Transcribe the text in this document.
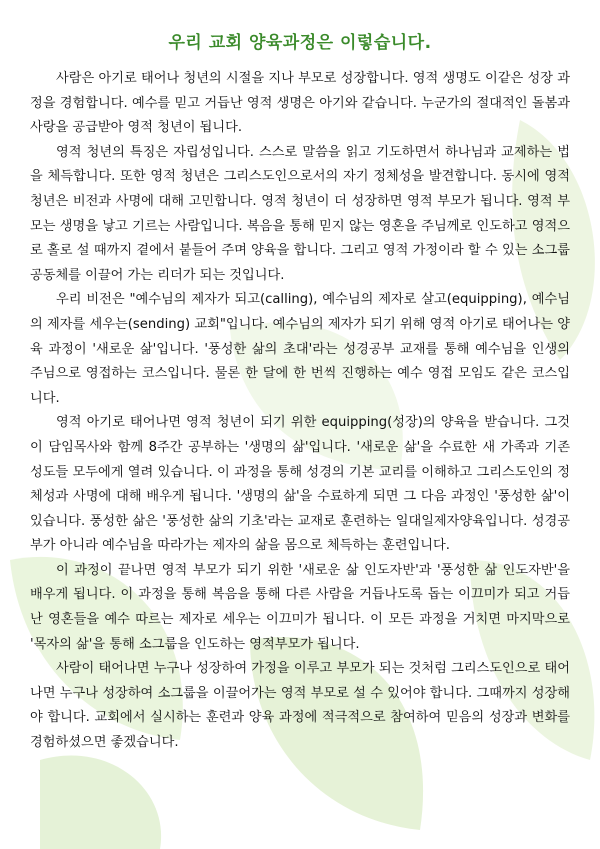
우리 교회 양육과정은 이렇습니다.

사람은 아기로 태어나 청년의 시절을 지나 부모로 성장합니다. 영적 생명도 이같은 성장 과정을 경험합니다. 예수를 믿고 거듭난 영적 생명은 아기와 같습니다. 누군가의 절대적인 돌봄과 사랑을 공급받아 영적 청년이 됩니다.

영적 청년의 특징은 자립성입니다. 스스로 말씀을 읽고 기도하면서 하나님과 교제하는 법을 체득합니다. 또한 영적 청년은 그리스도인으로서의 자기 정체성을 발견합니다. 동시에 영적 청년은 비전과 사명에 대해 고민합니다. 영적 청년이 더 성장하면 영적 부모가 됩니다. 영적 부모는 생명을 낳고 기르는 사람입니다. 복음을 통해 믿지 않는 영혼을 주님께로 인도하고 영적으로 홀로 설 때까지 곁에서 붙들어 주며 양육을 합니다. 그리고 영적 가정이라 할 수 있는 소그룹 공동체를 이끌어 가는 리더가 되는 것입니다.

우리 비전은 "예수님의 제자가 되고(calling), 예수님의 제자로 살고(equipping), 예수님의 제자를 세우는(sending) 교회"입니다. 예수님의 제자가 되기 위해 영적 아기로 태어나는 양육 과정이 '새로운 삶'입니다. '풍성한 삶의 초대'라는 성경공부 교재를 통해 예수님을 인생의 주님으로 영접하는 코스입니다. 물론 한 달에 한 번씩 진행하는 예수 영접 모임도 같은 코스입니다.

영적 아기로 태어나면 영적 청년이 되기 위한 equipping(성장)의 양육을 받습니다. 그것이 담임목사와 함께 8주간 공부하는 '생명의 삶'입니다. '새로운 삶'을 수료한 새 가족과 기존 성도들 모두에게 열려 있습니다. 이 과정을 통해 성경의 기본 교리를 이해하고 그리스도인의 정체성과 사명에 대해 배우게 됩니다. '생명의 삶'을 수료하게 되면 그 다음 과정인 '풍성한 삶'이 있습니다. 풍성한 삶은 '풍성한 삶의 기초'라는 교재로 훈련하는 일대일제자양육입니다. 성경공부가 아니라 예수님을 따라가는 제자의 삶을 몸으로 체득하는 훈련입니다.

이 과정이 끝나면 영적 부모가 되기 위한 '새로운 삶 인도자반'과 '풍성한 삶 인도자반'을 배우게 됩니다. 이 과정을 통해 복음을 통해 다른 사람을 거듭나도록 돕는 이끄미가 되고 거듭난 영혼들을 예수 따르는 제자로 세우는 이끄미가 됩니다. 이 모든 과정을 거치면 마지막으로 '목자의 삶'을 통해 소그룹을 인도하는 영적부모가 됩니다.

사람이 태어나면 누구나 성장하여 가정을 이루고 부모가 되는 것처럼 그리스도인으로 태어나면 누구나 성장하여 소그룹을 이끌어가는 영적 부모로 설 수 있어야 합니다. 그때까지 성장해야 합니다. 교회에서 실시하는 훈련과 양육 과정에 적극적으로 참여하여 믿음의 성장과 변화를 경험하셨으면 좋겠습니다.
